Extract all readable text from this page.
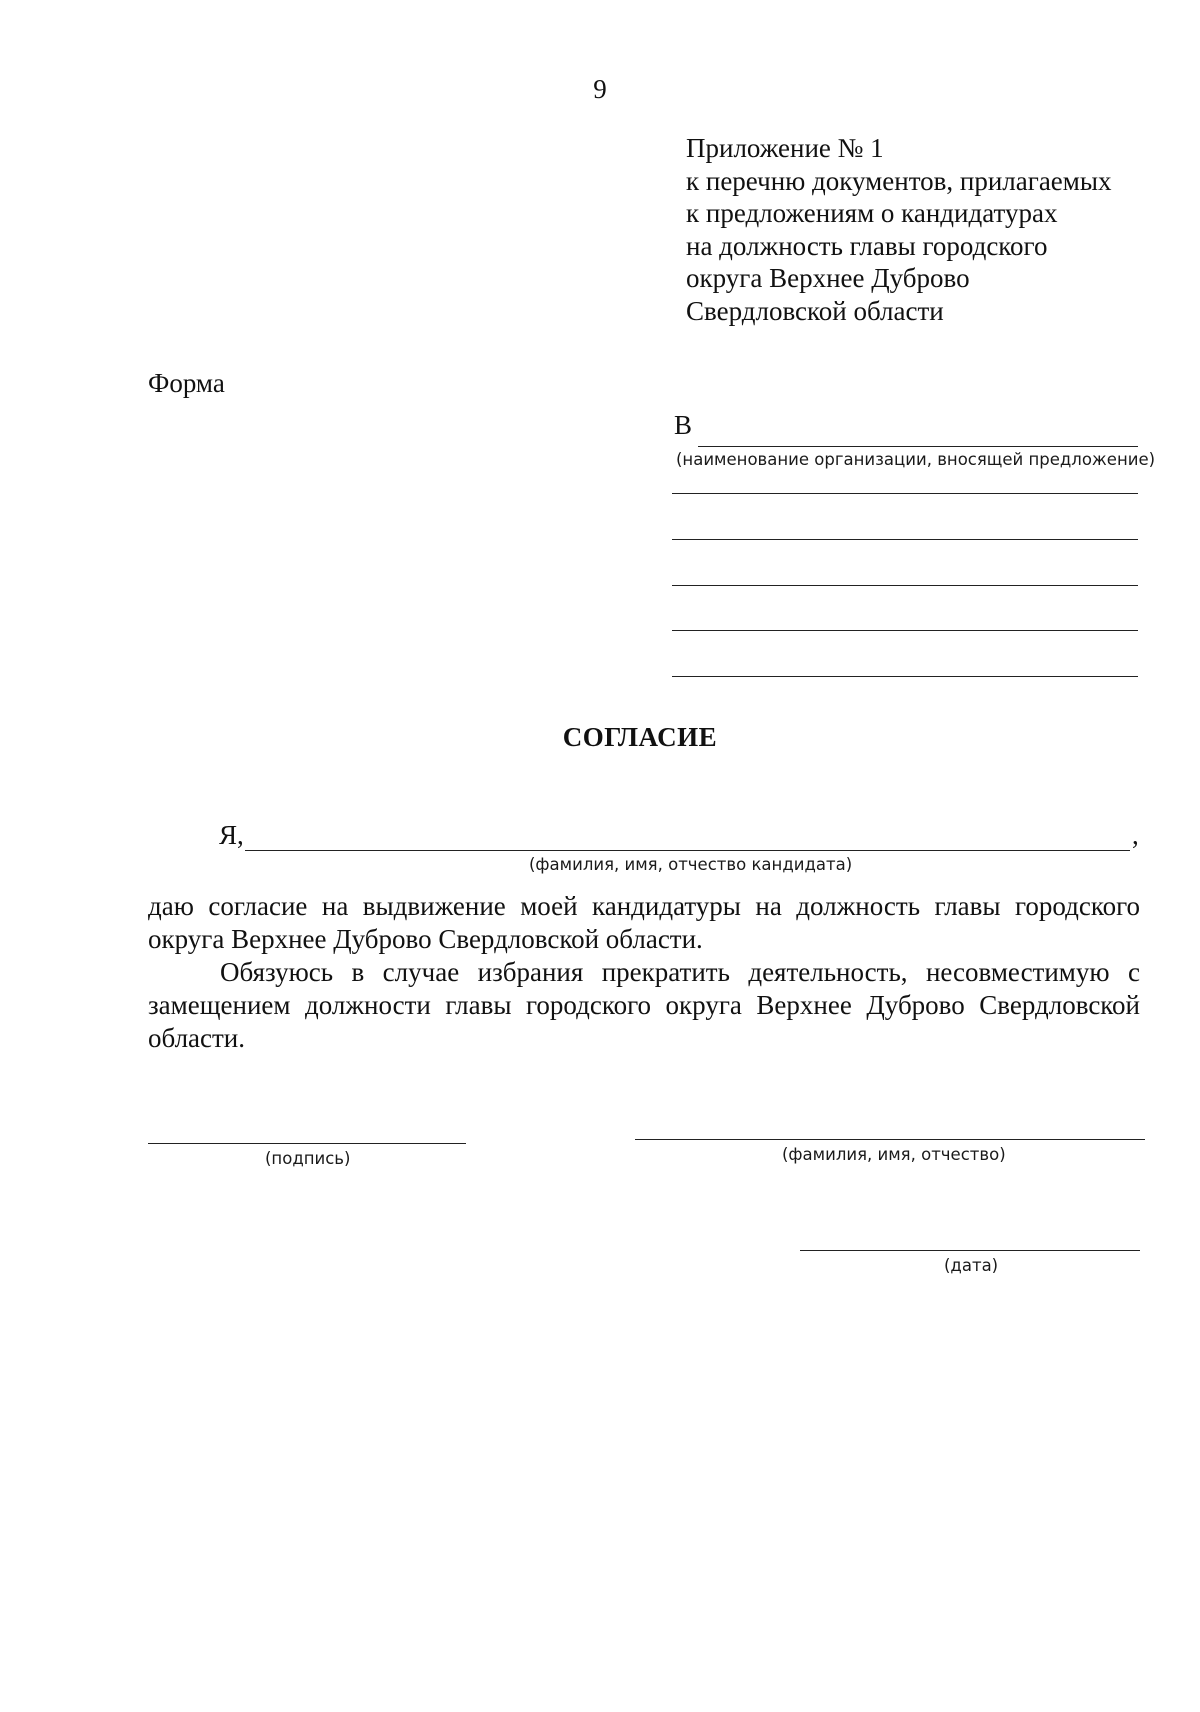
9
Приложение № 1
к перечню документов, прилагаемых
к предложениям о кандидатурах
на должность главы городского
округа Верхнее Дуброво
Свердловской области
Форма
В
(наименование организации, вносящей предложение)
СОГЛАСИЕ
Я,	,
(фамилия, имя, отчество кандидата)

даю согласие на выдвижение моей кандидатуры на должность главы городского округа Верхнее Дуброво Свердловской области.

Обязуюсь в случае избрания прекратить деятельность, несовместимую с замещением должности главы городского округа Верхнее Дуброво Свердловской области.

(подпись)	(фамилия, имя, отчество)
(дата)
